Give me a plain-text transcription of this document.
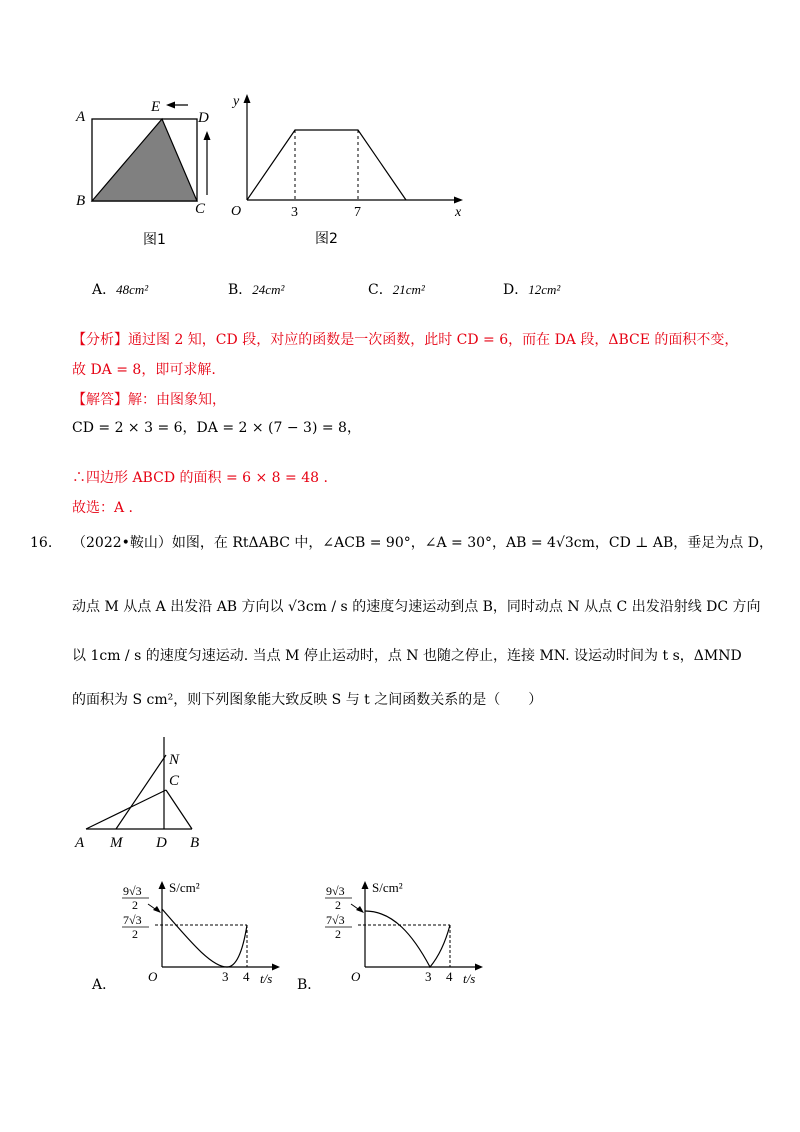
A
B	C
D
E
图1
y
x
O	3	7
图2
A．48cm²	B．24cm²	C．21cm²	D．12cm²
【分析】通过图 2 知，CD 段，对应的函数是一次函数，此时 CD = 6，而在 DA 段，ΔBCE 的面积不变，
故 DA = 8，即可求解.
【解答】解：由图象知，
CD = 2 × 3 = 6，DA = 2 × (7 − 3) = 8，
∴四边形 ABCD 的面积 = 6 × 8 = 48 .
故选：A .
16. （2022•鞍山）如图，在 RtΔABC 中，∠ACB = 90°，∠A = 30°，AB = 4√3cm，CD ⊥ AB，垂足为点 D，
动点 M 从点 A 出发沿 AB 方向以 √3cm / s 的速度匀速运动到点 B，同时动点 N 从点 C 出发沿射线 DC 方向
以 1cm / s 的速度匀速运动. 当点 M 停止运动时，点 N 也随之停止，连接 MN. 设运动时间为 t s，ΔMND
的面积为 S cm²，则下列图象能大致反映 S 与 t 之间函数关系的是（　　）
A M D B
C
N
A．
9√3
2
7√3
2
S/cm²
t/s
O	3 4
B．
9√3
2
7√3
2
S/cm²
t/s
O	3 4
